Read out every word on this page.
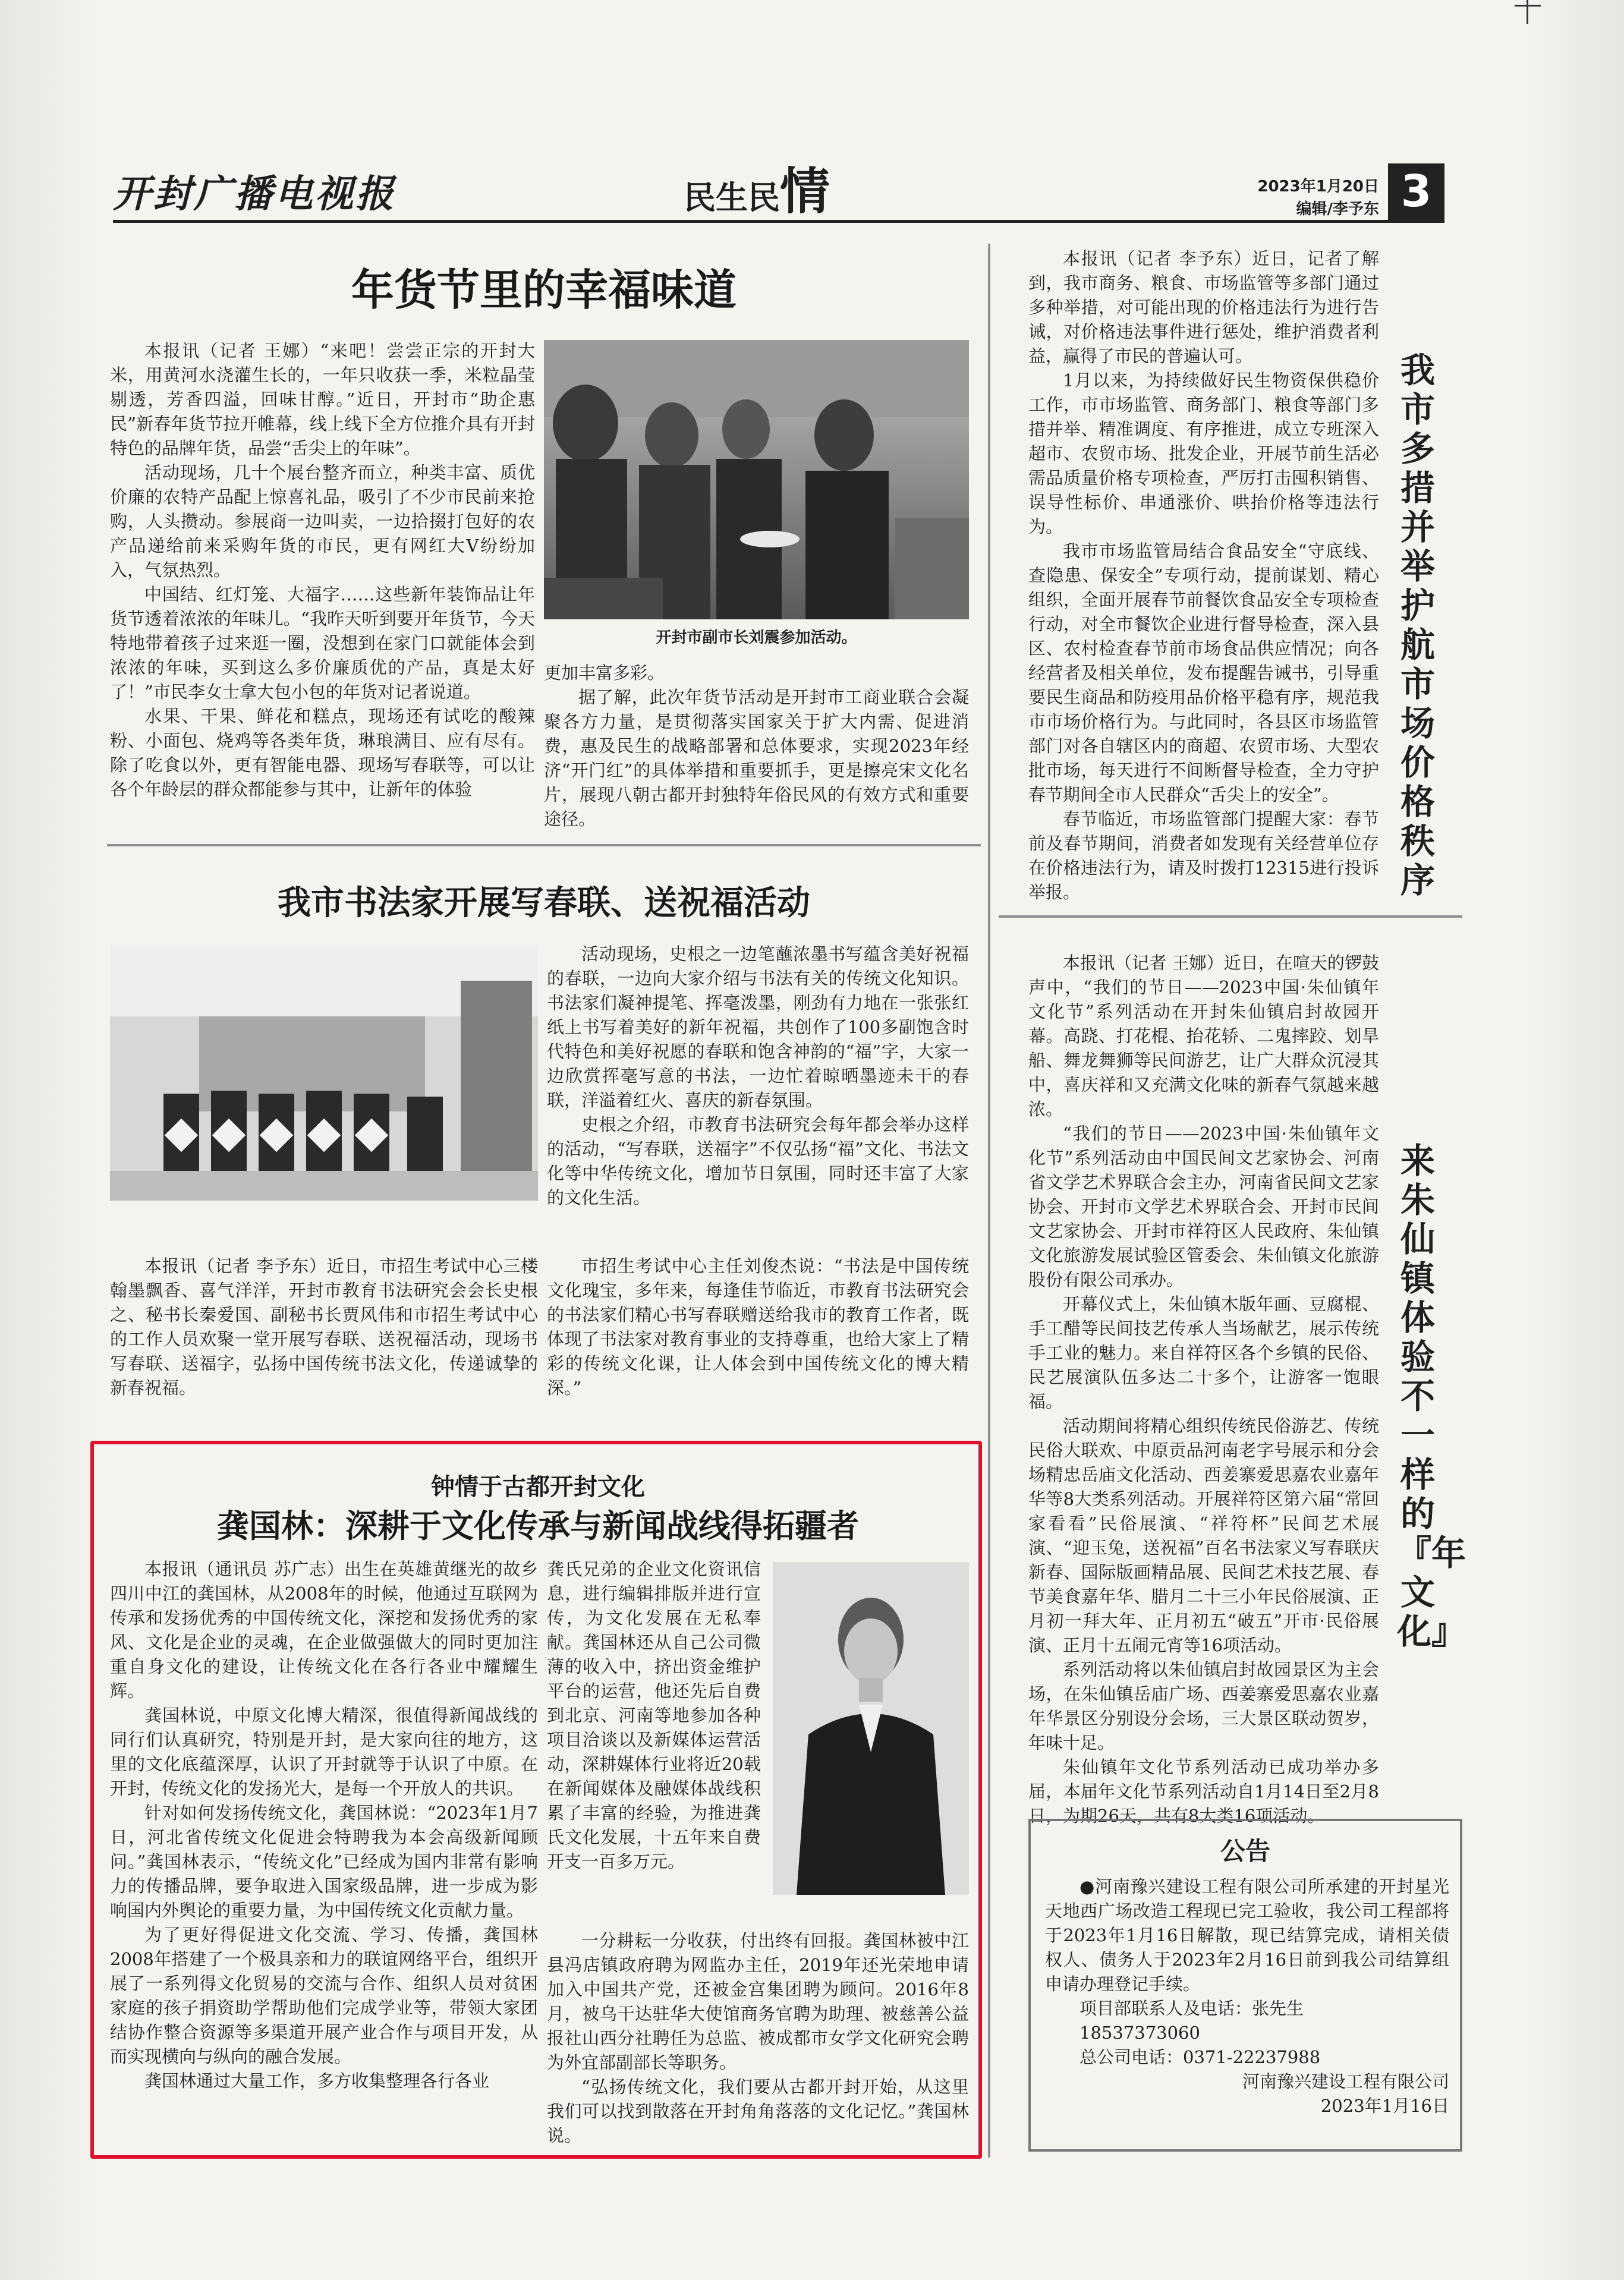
开封广播电视报	民生民情	2023年1月20日
编辑/李予东 3
年货节里的幸福味道

本报讯（记者 王娜）“来吧！尝尝正宗的开封大米，用黄河水浇灌生长的，一年只收获一季，米粒晶莹剔透，芳香四溢，回味甘醇。”近日，开封市“助企惠民”新春年货节拉开帷幕，线上线下全方位推介具有开封特色的品牌年货，品尝“舌尖上的年味”。

活动现场，几十个展台整齐而立，种类丰富、质优价廉的农特产品配上惊喜礼品，吸引了不少市民前来抢购，人头攒动。参展商一边叫卖，一边拾掇打包好的农产品递给前来采购年货的市民，更有网红大V纷纷加入，气氛热烈。

中国结、红灯笼、大福字……这些新年装饰品让年货节透着浓浓的年味儿。“我昨天听到要开年货节，今天特地带着孩子过来逛一圈，没想到在家门口就能体会到浓浓的年味，买到这么多价廉质优的产品，真是太好了！”市民李女士拿大包小包的年货对记者说道。

水果、干果、鲜花和糕点，现场还有试吃的酸辣粉、小面包、烧鸡等各类年货，琳琅满目、应有尽有。除了吃食以外，更有智能电器、现场写春联等，可以让各个年龄层的群众都能参与其中，让新年的体验

开封市副市长刘震参加活动。

更加丰富多彩。

据了解，此次年货节活动是开封市工商业联合会凝聚各方力量，是贯彻落实国家关于扩大内需、促进消费，惠及民生的战略部署和总体要求，实现2023年经济“开门红”的具体举措和重要抓手，更是擦亮宋文化名片，展现八朝古都开封独特年俗民风的有效方式和重要途径。

我市书法家开展写春联、送祝福活动

活动现场，史根之一边笔蘸浓墨书写蕴含美好祝福的春联，一边向大家介绍与书法有关的传统文化知识。书法家们凝神提笔、挥毫泼墨，刚劲有力地在一张张红纸上书写着美好的新年祝福，共创作了100多副饱含时代特色和美好祝愿的春联和饱含神韵的“福”字，大家一边欣赏挥毫写意的书法，一边忙着晾晒墨迹未干的春联，洋溢着红火、喜庆的新春氛围。

史根之介绍，市教育书法研究会每年都会举办这样的活动，“写春联，送福字”不仅弘扬“福”文化、书法文化等中华传统文化，增加节日氛围，同时还丰富了大家的文化生活。

本报讯（记者 李予东）近日，市招生考试中心三楼翰墨飘香、喜气洋洋，开封市教育书法研究会会长史根之、秘书长秦爱国、副秘书长贾风伟和市招生考试中心的工作人员欢聚一堂开展写春联、送祝福活动，现场书写春联、送福字，弘扬中国传统书法文化，传递诚挚的新春祝福。

市招生考试中心主任刘俊杰说：“书法是中国传统文化瑰宝，多年来，每逢佳节临近，市教育书法研究会的书法家们精心书写春联赠送给我市的教育工作者，既体现了书法家对教育事业的支持尊重，也给大家上了精彩的传统文化课，让人体会到中国传统文化的博大精深。”

钟情于古都开封文化
龚国林：深耕于文化传承与新闻战线得拓疆者

本报讯（通讯员 苏广志）出生在英雄黄继光的故乡四川中江的龚国林，从2008年的时候，他通过互联网为传承和发扬优秀的中国传统文化，深挖和发扬优秀的家风、文化是企业的灵魂，在企业做强做大的同时更加注重自身文化的建设，让传统文化在各行各业中耀耀生辉。

龚国林说，中原文化博大精深，很值得新闻战线的同行们认真研究，特别是开封，是大家向往的地方，这里的文化底蕴深厚，认识了开封就等于认识了中原。在开封，传统文化的发扬光大，是每一个开放人的共识。

针对如何发扬传统文化，龚国林说：“2023年1月7日，河北省传统文化促进会特聘我为本会高级新闻顾问。”龚国林表示，“传统文化”已经成为国内非常有影响力的传播品牌，要争取进入国家级品牌，进一步成为影响国内外舆论的重要力量，为中国传统文化贡献力量。

为了更好得促进文化交流、学习、传播，龚国林2008年搭建了一个极具亲和力的联谊网络平台，组织开展了一系列得文化贸易的交流与合作、组织人员对贫困家庭的孩子捐资助学帮助他们完成学业等，带领大家团结协作整合资源等多渠道开展产业合作与项目开发，从而实现横向与纵向的融合发展。

龚国林通过大量工作，多方收集整理各行各业

龚氏兄弟的企业文化资讯信息，进行编辑排版并进行宣传，为文化发展在无私奉献。龚国林还从自己公司微薄的收入中，挤出资金维护平台的运营，他还先后自费到北京、河南等地参加各种项目洽谈以及新媒体运营活动，深耕媒体行业将近20载在新闻媒体及融媒体战线积累了丰富的经验，为推进龚氏文化发展，十五年来自费开支一百多万元。

一分耕耘一分收获，付出终有回报。龚国林被中江县冯店镇政府聘为网监办主任，2019年还光荣地申请加入中国共产党，还被金宫集团聘为顾问。2016年8月，被乌干达驻华大使馆商务官聘为助理、被慈善公益报社山西分社聘任为总监、被成都市女学文化研究会聘为外宜部副部长等职务。

“弘扬传统文化，我们要从古都开封开始，从这里我们可以找到散落在开封角角落落的文化记忆。”龚国林说。

本报讯（记者 李予东）近日，记者了解到，我市商务、粮食、市场监管等多部门通过多种举措，对可能出现的价格违法行为进行告诫，对价格违法事件进行惩处，维护消费者利益，赢得了市民的普遍认可。

1月以来，为持续做好民生物资保供稳价工作，市市场监管、商务部门、粮食等部门多措并举、精准调度、有序推进，成立专班深入超市、农贸市场、批发企业，开展节前生活必需品质量价格专项检查，严厉打击囤积销售、误导性标价、串通涨价、哄抬价格等违法行为。

我市市场监管局结合食品安全“守底线、查隐患、保安全”专项行动，提前谋划、精心组织，全面开展春节前餐饮食品安全专项检查行动，对全市餐饮企业进行督导检查，深入县区、农村检查春节前市场食品供应情况；向各经营者及相关单位，发布提醒告诫书，引导重要民生商品和防疫用品价格平稳有序，规范我市市场价格行为。与此同时，各县区市场监管部门对各自辖区内的商超、农贸市场、大型农批市场，每天进行不间断督导检查，全力守护春节期间全市人民群众“舌尖上的安全”。

春节临近，市场监管部门提醒大家：春节前及春节期间，消费者如发现有关经营单位存在价格违法行为，请及时拨打12315进行投诉举报。

我市多措并举护航市场价格秩序

本报讯（记者 王娜）近日，在喧天的锣鼓声中，“我们的节日——2023中国·朱仙镇年文化节”系列活动在开封朱仙镇启封故园开幕。高跷、打花棍、抬花轿、二鬼摔跤、划旱船、舞龙舞狮等民间游艺，让广大群众沉浸其中，喜庆祥和又充满文化味的新春气氛越来越浓。

“我们的节日——2023中国·朱仙镇年文化节”系列活动由中国民间文艺家协会、河南省文学艺术界联合会主办，河南省民间文艺家协会、开封市文学艺术界联合会、开封市民间文艺家协会、开封市祥符区人民政府、朱仙镇文化旅游发展试验区管委会、朱仙镇文化旅游股份有限公司承办。

开幕仪式上，朱仙镇木版年画、豆腐棍、手工醋等民间技艺传承人当场献艺，展示传统手工业的魅力。来自祥符区各个乡镇的民俗、民艺展演队伍多达二十多个，让游客一饱眼福。

活动期间将精心组织传统民俗游艺、传统民俗大联欢、中原贡品河南老字号展示和分会场精忠岳庙文化活动、西姜寨爱思嘉农业嘉年华等8大类系列活动。开展祥符区第六届“常回家看看”民俗展演、“祥符杯”民间艺术展演、“迎玉兔，送祝福”百名书法家义写春联庆新春、国际版画精品展、民间艺术技艺展、春节美食嘉年华、腊月二十三小年民俗展演、正月初一拜大年、正月初五“破五”开市·民俗展演、正月十五闹元宵等16项活动。

系列活动将以朱仙镇启封故园景区为主会场，在朱仙镇岳庙广场、西姜寨爱思嘉农业嘉年华景区分别设分会场，三大景区联动贺岁，年味十足。

朱仙镇年文化节系列活动已成功举办多届，本届年文化节系列活动自1月14日至2月8日，为期26天，共有8大类16项活动。

来朱仙镇体验不一样的『年文化』
公告

●河南豫兴建设工程有限公司所承建的开封星光天地西广场改造工程现已完工验收，我公司工程部将于2023年1月16日解散，现已结算完成，请相关债权人、债务人于2023年2月16日前到我公司结算组申请办理登记手续。

项目部联系人及电话：张先生

18537373060

总公司电话：0371-22237988

河南豫兴建设工程有限公司

2023年1月16日
